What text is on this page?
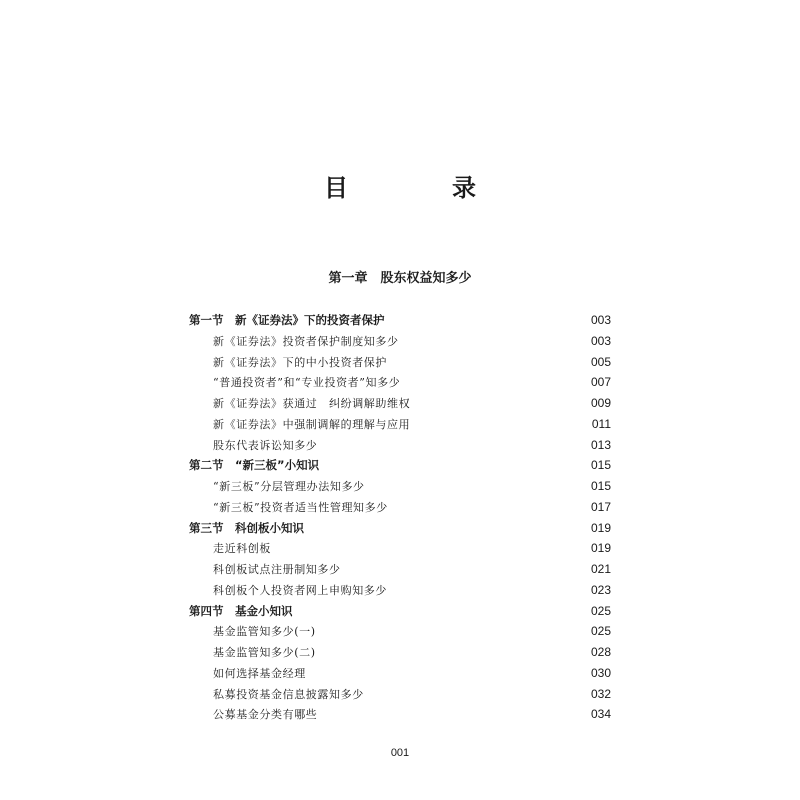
目　录
第一章　股东权益知多少
第一节　新《证券法》下的投资者保护	003
新《证券法》投资者保护制度知多少	003
新《证券法》下的中小投资者保护	005
“普通投资者”和“专业投资者”知多少	007
新《证券法》获通过　纠纷调解助维权	009
新《证券法》中强制调解的理解与应用	011
股东代表诉讼知多少	013
第二节　“新三板”小知识	015
“新三板”分层管理办法知多少	015
“新三板”投资者适当性管理知多少	017
第三节　科创板小知识	019
走近科创板	019
科创板试点注册制知多少	021
科创板个人投资者网上申购知多少	023
第四节　基金小知识	025
基金监管知多少(一)	025
基金监管知多少(二)	028
如何选择基金经理	030
私募投资基金信息披露知多少	032
公募基金分类有哪些	034
001
